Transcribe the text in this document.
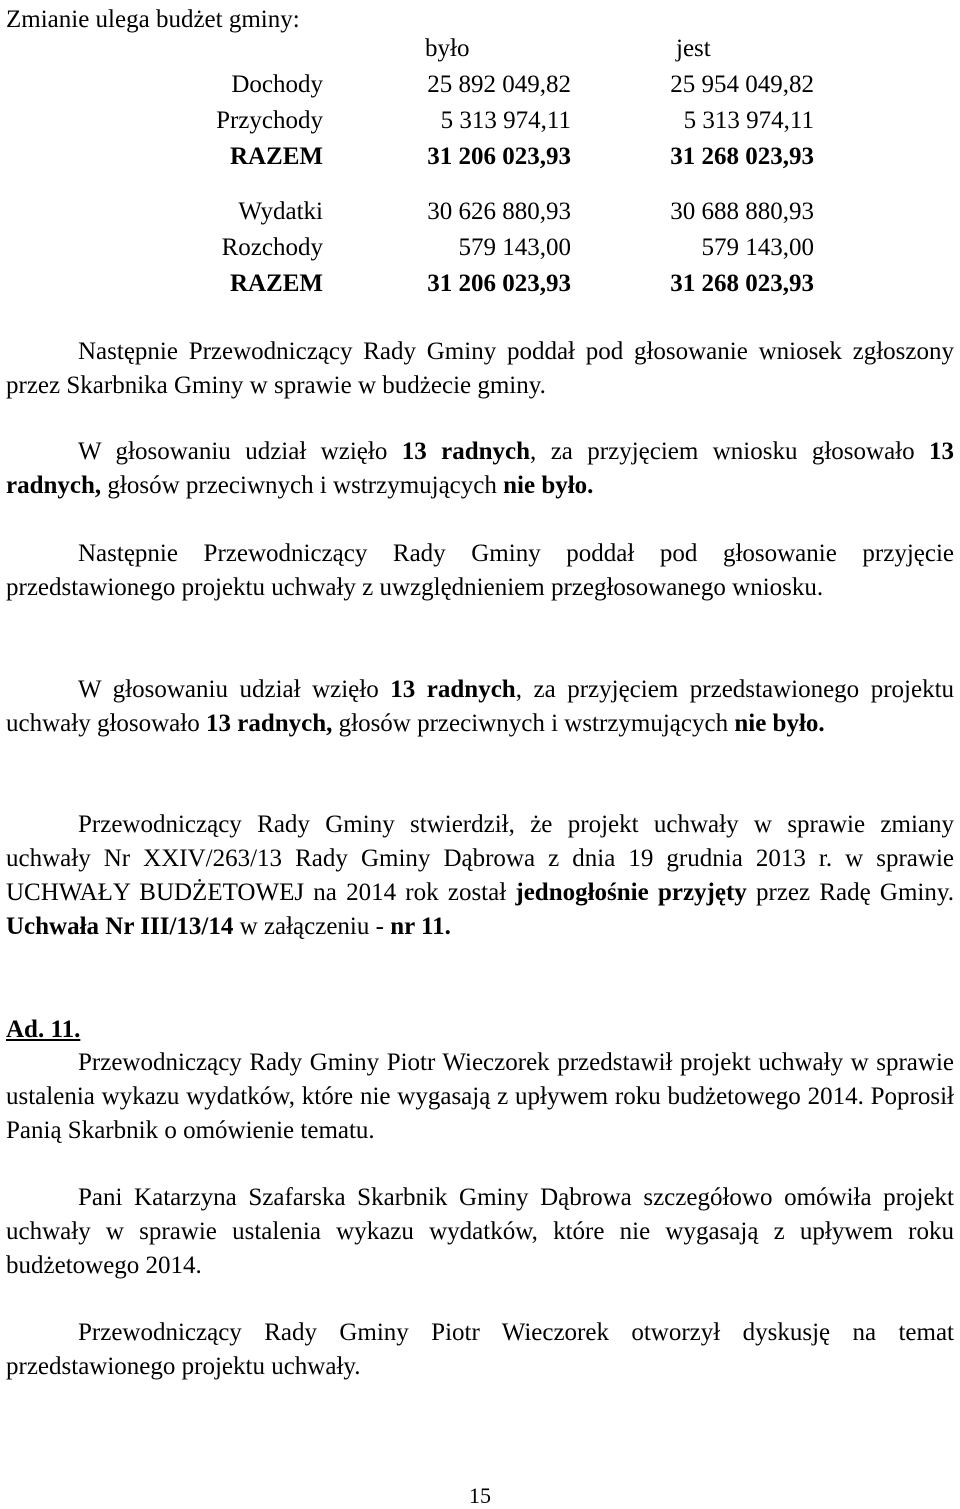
Zmianie ulega budżet gminy:

było	jest
Dochody	25 892 049,82	25 954 049,82
Przychody	5 313 974,11	5 313 974,11
RAZEM	31 206 023,93	31 268 023,93
Wydatki	30 626 880,93	30 688 880,93
Rozchody	579 143,00	579 143,00
RAZEM	31 206 023,93	31 268 023,93

Następnie Przewodniczący Rady Gminy poddał pod głosowanie wniosek zgłoszony przez Skarbnika Gminy w sprawie w budżecie gminy.

W głosowaniu udział wzięło 13 radnych, za przyjęciem wniosku głosowało 13 radnych, głosów przeciwnych i wstrzymujących nie było.

Następnie Przewodniczący Rady Gminy poddał pod głosowanie przyjęcie przedstawionego projektu uchwały z uwzględnieniem przegłosowanego wniosku.

W głosowaniu udział wzięło 13 radnych, za przyjęciem przedstawionego projektu uchwały głosowało 13 radnych, głosów przeciwnych i wstrzymujących nie było.

Przewodniczący Rady Gminy stwierdził, że projekt uchwały w sprawie zmiany uchwały Nr XXIV/263/13 Rady Gminy Dąbrowa z dnia 19 grudnia 2013 r. w sprawie UCHWAŁY BUDŻETOWEJ na 2014 rok został jednogłośnie przyjęty przez Radę Gminy. Uchwała Nr III/13/14 w załączeniu - nr 11.

Ad. 11.

Przewodniczący Rady Gminy Piotr Wieczorek przedstawił projekt uchwały w sprawie ustalenia wykazu wydatków, które nie wygasają z upływem roku budżetowego 2014. Poprosił Panią Skarbnik o omówienie tematu.

Pani Katarzyna Szafarska Skarbnik Gminy Dąbrowa szczegółowo omówiła projekt uchwały w sprawie ustalenia wykazu wydatków, które nie wygasają z upływem roku budżetowego 2014.

Przewodniczący Rady Gminy Piotr Wieczorek otworzył dyskusję na temat przedstawionego projektu uchwały.

15
